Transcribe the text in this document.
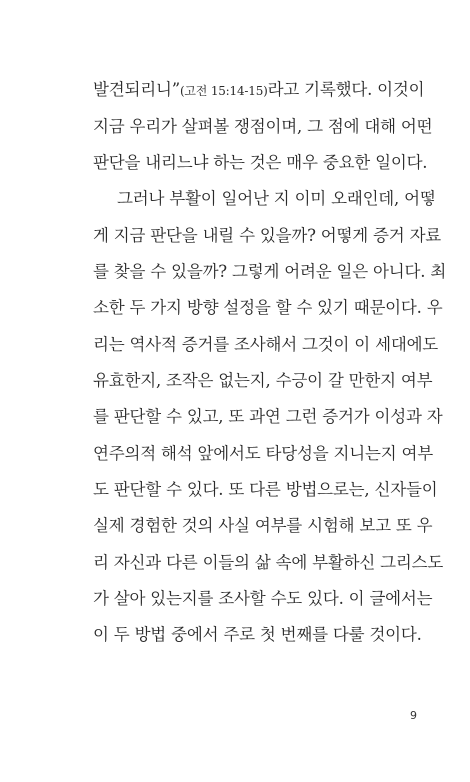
발견되리니”(고전 15:14-15)라고 기록했다. 이것이
지금 우리가 살펴볼 쟁점이며, 그 점에 대해 어떤
판단을 내리느냐 하는 것은 매우 중요한 일이다.
그러나 부활이 일어난 지 이미 오래인데, 어떻
게 지금 판단을 내릴 수 있을까? 어떻게 증거 자료
를 찾을 수 있을까? 그렇게 어려운 일은 아니다. 최
소한 두 가지 방향 설정을 할 수 있기 때문이다. 우
리는 역사적 증거를 조사해서 그것이 이 세대에도
유효한지, 조작은 없는지, 수긍이 갈 만한지 여부
를 판단할 수 있고, 또 과연 그런 증거가 이성과 자
연주의적 해석 앞에서도 타당성을 지니는지 여부
도 판단할 수 있다. 또 다른 방법으로는, 신자들이
실제 경험한 것의 사실 여부를 시험해 보고 또 우
리 자신과 다른 이들의 삶 속에 부활하신 그리스도
가 살아 있는지를 조사할 수도 있다. 이 글에서는
이 두 방법 중에서 주로 첫 번째를 다룰 것이다.
9
